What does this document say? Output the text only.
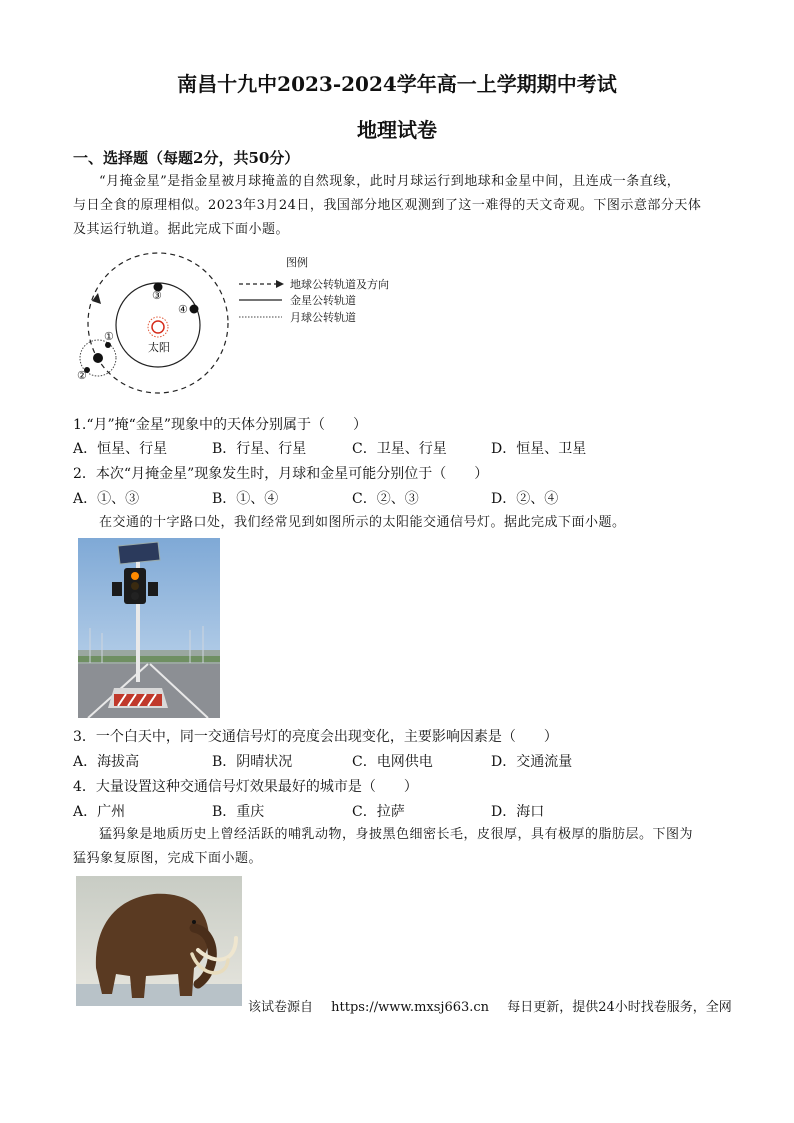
南昌十九中2023-2024学年高一上学期期中考试
地理试卷
一、选择题（每题2分，共50分）
“月掩金星”是指金星被月球掩盖的自然现象，此时月球运行到地球和金星中间，且连成一条直线，
与日全食的原理相似。2023年3月24日，我国部分地区观测到了这一难得的天文奇观。下图示意部分天体
及其运行轨道。据此完成下面小题。
③
④
①
②
太阳
图例
地球公转轨道及方向
金星公转轨道
月球公转轨道
1.“月”掩“金星”现象中的天体分别属于（　　）
A．恒星、行星	B．行星、行星	C．卫星、行星	D．恒星、卫星
2．本次“月掩金星”现象发生时，月球和金星可能分别位于（　　）
A．①、③	B．①、④	C．②、③	D．②、④
在交通的十字路口处，我们经常见到如图所示的太阳能交通信号灯。据此完成下面小题。
3．一个白天中，同一交通信号灯的亮度会出现变化，主要影响因素是（　　）
A．海拔高	B．阴晴状况	C．电网供电	D．交通流量
4．大量设置这种交通信号灯效果最好的城市是（　　）
A．广州	B．重庆	C．拉萨	D．海口
猛犸象是地质历史上曾经活跃的哺乳动物，身披黑色细密长毛，皮很厚，具有极厚的脂肪层。下图为
猛犸象复原图，完成下面小题。
该试卷源自 https://www.mxsj663.cn 每日更新，提供24小时找卷服务，全网
